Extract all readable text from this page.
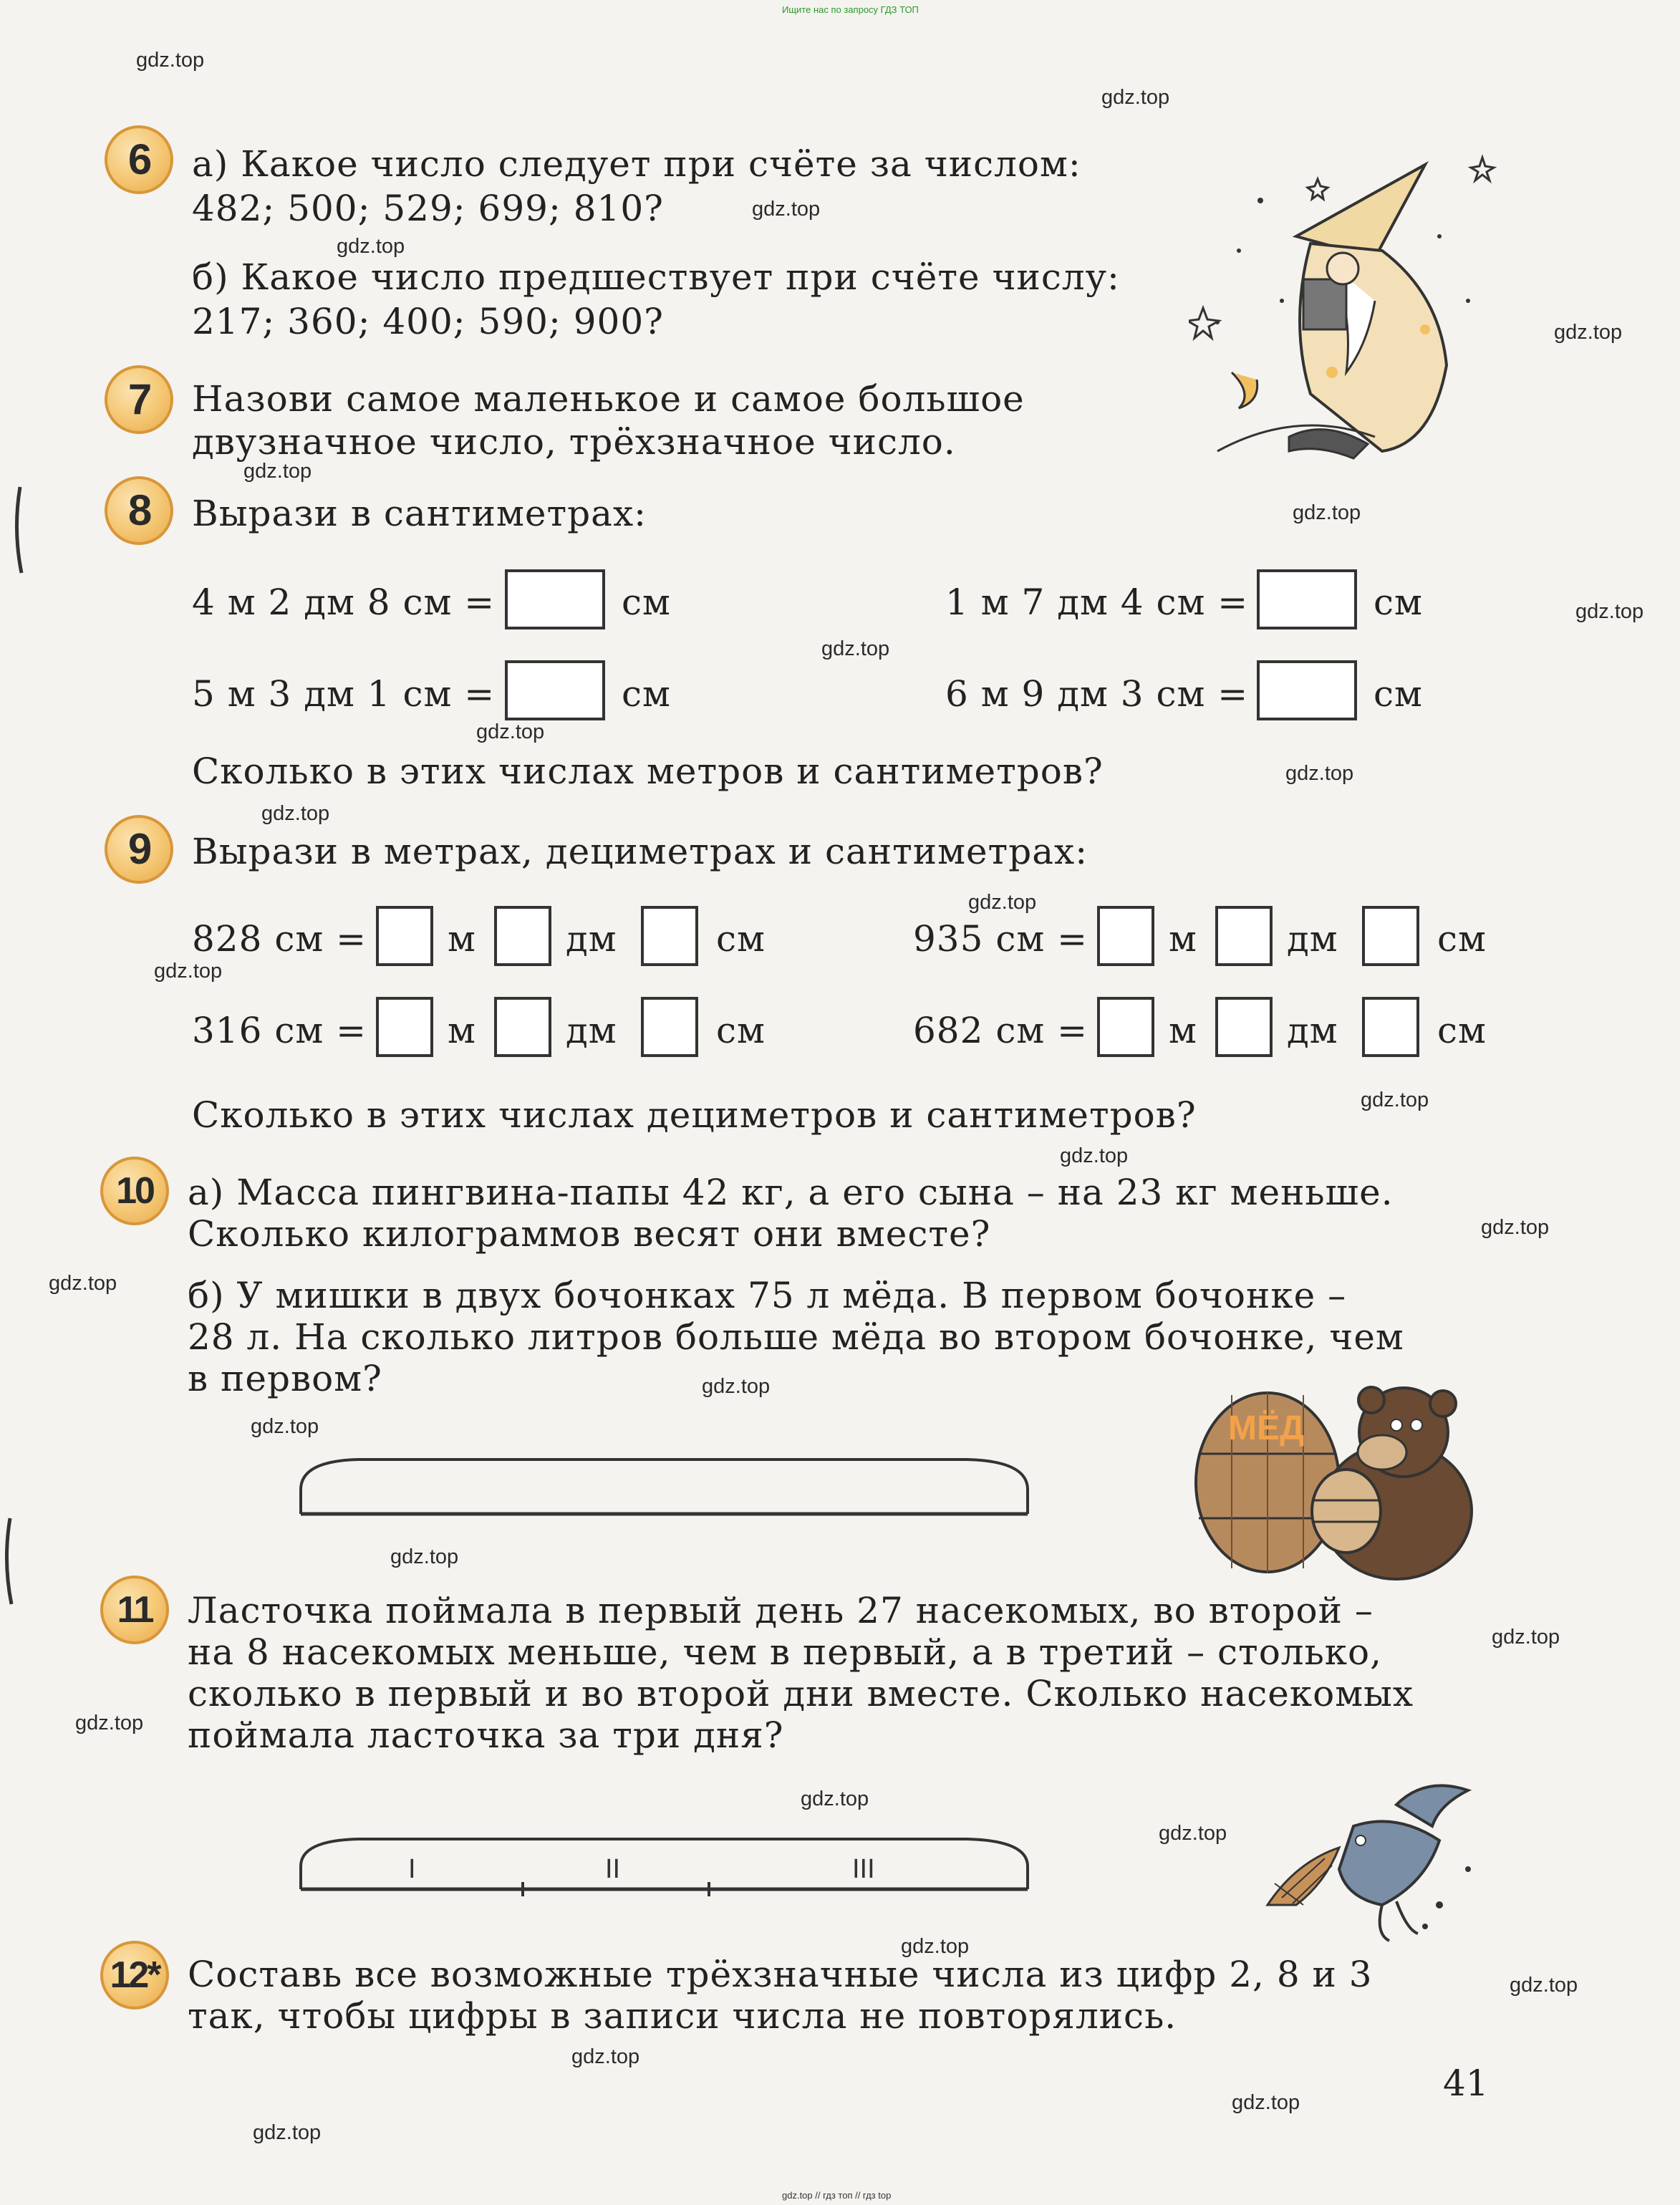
Ищите нас по запросу ГДЗ ТОП
gdz.top // гдз топ // гдз top
6	а) Какое число следует при счёте за числом:
482; 500; 529; 699; 810?
б) Какое число предшествует при счёте числу:
217; 360; 400; 590; 900?
7	Назови самое маленькое и самое большое
двузначное число, трёхзначное число.
8	Вырази в сантиметрах:
4 м 2 дм 8 см =	см	1 м 7 дм 4 см =	см
5 м 3 дм 1 см =	см	6 м 9 дм 3 см =	см
Сколько в этих числах метров и сантиметров?
9	Вырази в метрах, дециметрах и сантиметрах:
828 см = м	дм	см	935 см = м	дм	см
316 см = м	дм	см	682 см = м	дм	см
Сколько в этих числах дециметров и сантиметров?
10 а) Масса пингвина-папы 42 кг, а его сына – на 23 кг меньше.
Сколько килограммов весят они вместе?
б) У мишки в двух бочонках 75 л мёда. В первом бочонке –
28 л. На сколько литров больше мёда во втором бочонке, чем
в первом?
МЁД
11 Ласточка поймала в первый день 27 насекомых, во второй –
на 8 насекомых меньше, чем в первый, а в третий – столько,
сколько в первый и во второй дни вместе. Сколько насекомых
поймала ласточка за три дня?
I	II	III
12* Составь все возможные трёхзначные числа из цифр 2, 8 и 3
так, чтобы цифры в записи числа не повторялись.
41
gdz.top
gdz.top
gdz.top
gdz.top
gdz.top
gdz.top
gdz.top
gdz.top
gdz.top
gdz.top
gdz.top
gdz.top
gdz.top
gdz.top
gdz.top
gdz.top
gdz.top
gdz.top
gdz.top
gdz.top
gdz.top
gdz.top
gdz.top
gdz.top
gdz.top
gdz.top
gdz.top
gdz.top
gdz.top
gdz.top
